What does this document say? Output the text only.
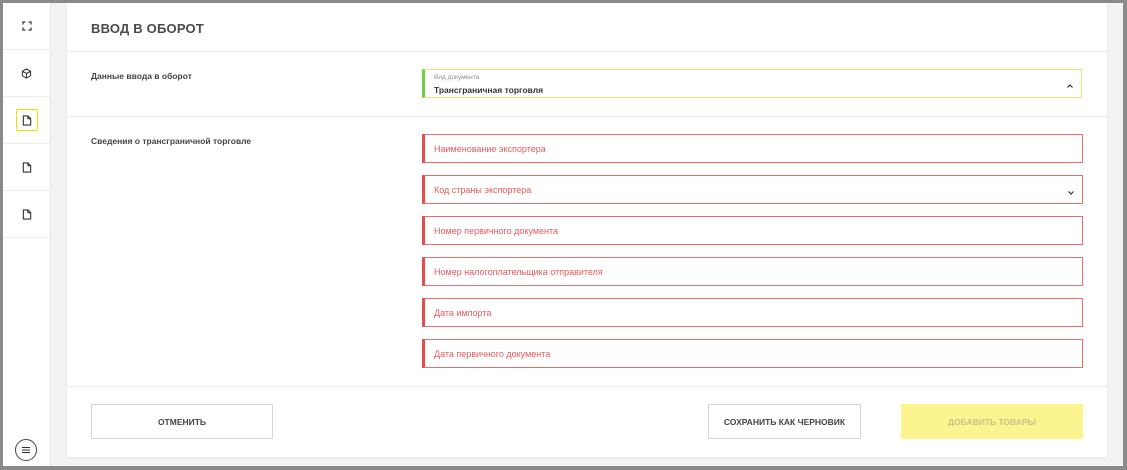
ВВОД В ОБОРОТ
Данные ввода в оборот	Вид документа
Трансграничная торговля
Сведения о трансграничной торговле
Наименование экспортера
Код страны экспортера
Номер первичного документа
Номер налогоплательщика отправителя
Дата импорта
Дата первичного документа
ОТМЕНИТЬ	СОХРАНИТЬ КАК ЧЕРНОВИК	ДОБАВИТЬ ТОВАРЫ
